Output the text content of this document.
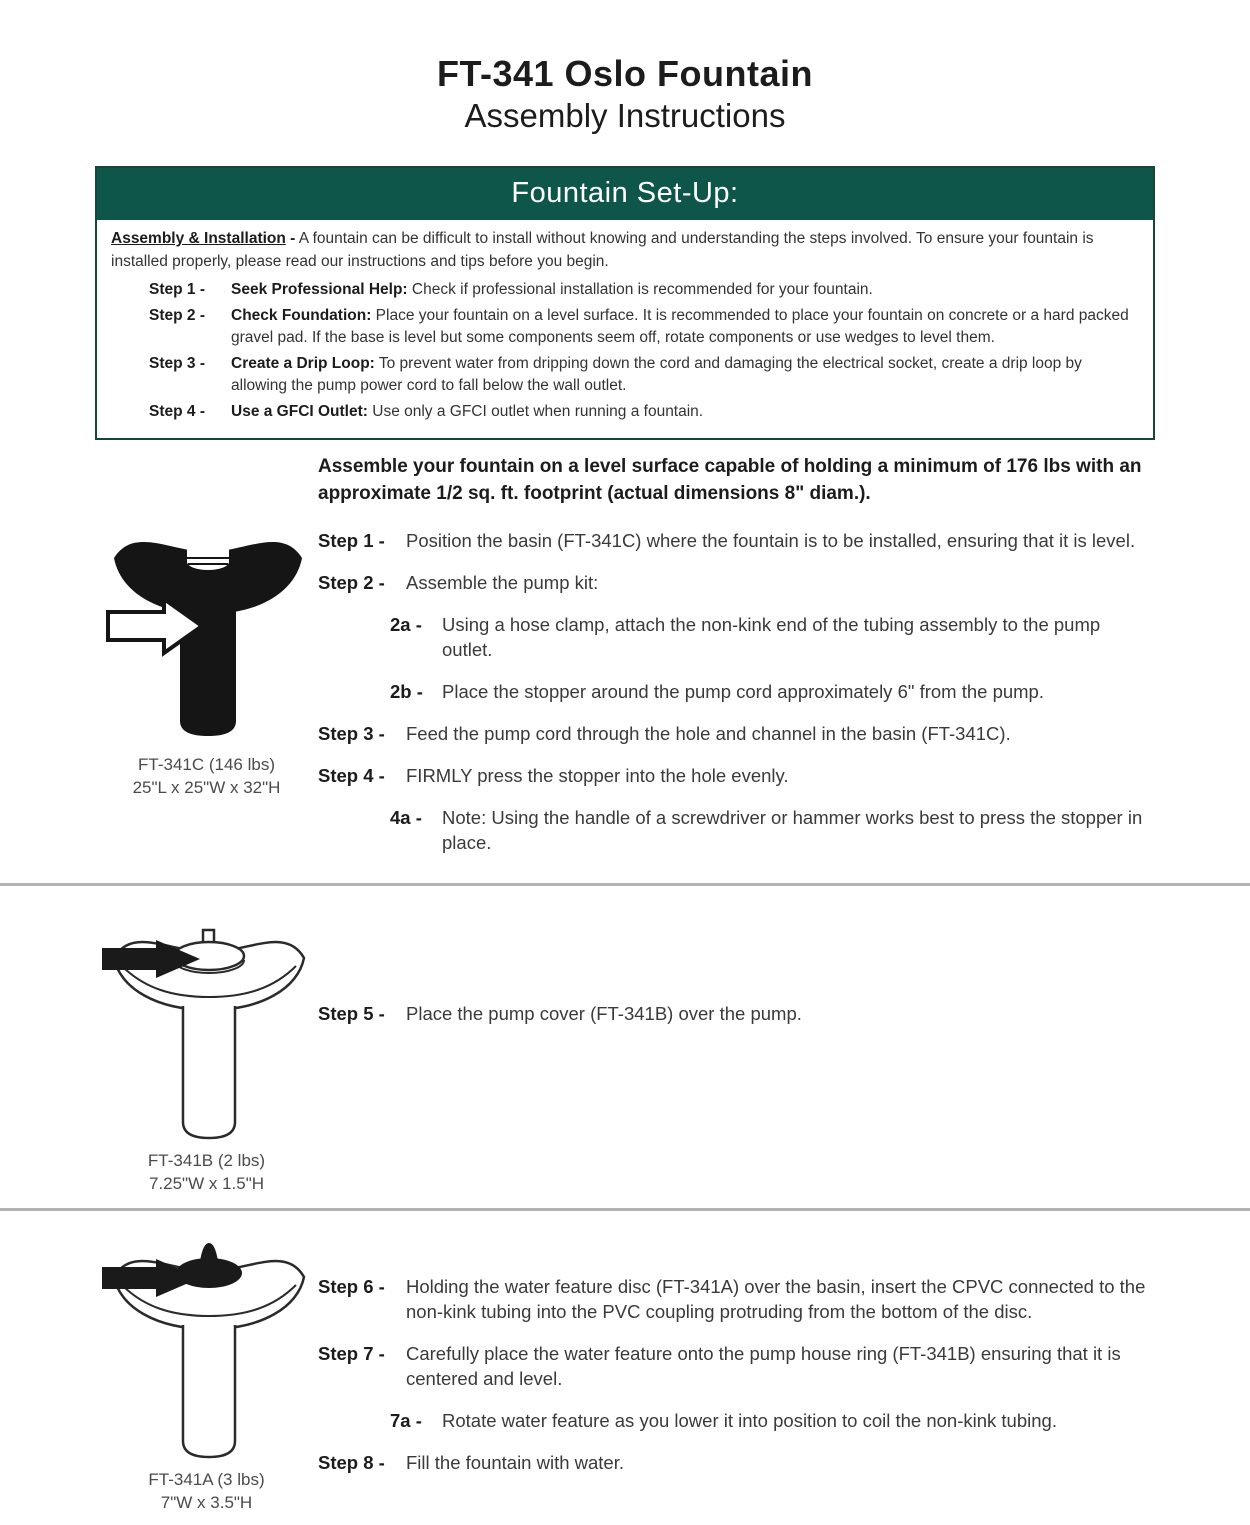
FT-341 Oslo Fountain
Assembly Instructions
Fountain Set-Up:
Assembly & Installation - A fountain can be difficult to install without knowing and understanding the steps involved. To ensure your fountain is installed properly, please read our instructions and tips before you begin.
Step 1 -	Seek Professional Help: Check if professional installation is recommended for your fountain.
Step 2 -	Check Foundation: Place your fountain on a level surface. It is recommended to place your fountain on concrete or a hard packed gravel pad. If the base is level but some components seem off, rotate components or use wedges to level them.
Step 3 -	Create a Drip Loop: To prevent water from dripping down the cord and damaging the electrical socket, create a drip loop by allowing the pump power cord to fall below the wall outlet.
Step 4 -	Use a GFCI Outlet: Use only a GFCI outlet when running a fountain.
FT-341C (146 lbs)
25"L x 25"W x 32"H
Assemble your fountain on a level surface capable of holding a minimum of 176 lbs with an approximate 1/2 sq. ft. footprint (actual dimensions 8" diam.).
Step 1 -	Position the basin (FT-341C) where the fountain is to be installed, ensuring that it is level.
Step 2 -	Assemble the pump kit:
2a -	Using a hose clamp, attach the non-kink end of the tubing assembly to the pump outlet.
2b -	Place the stopper around the pump cord approximately 6" from the pump.
Step 3 -	Feed the pump cord through the hole and channel in the basin (FT-341C).
Step 4 -	FIRMLY press the stopper into the hole evenly.
4a -	Note: Using the handle of a screwdriver or hammer works best to press the stopper in place.
FT-341B (2 lbs)
7.25"W x 1.5"H
Step 5 -	Place the pump cover (FT-341B) over the pump.
FT-341A (3 lbs)
7"W x 3.5"H
Step 6 -	Holding the water feature disc (FT-341A) over the basin, insert the CPVC connected to the non-kink tubing into the PVC coupling protruding from the bottom of the disc.
Step 7 -	Carefully place the water feature onto the pump house ring (FT-341B) ensuring that it is centered and level.
7a -	Rotate water feature as you lower it into position to coil the non-kink tubing.
Step 8 -	Fill the fountain with water.
